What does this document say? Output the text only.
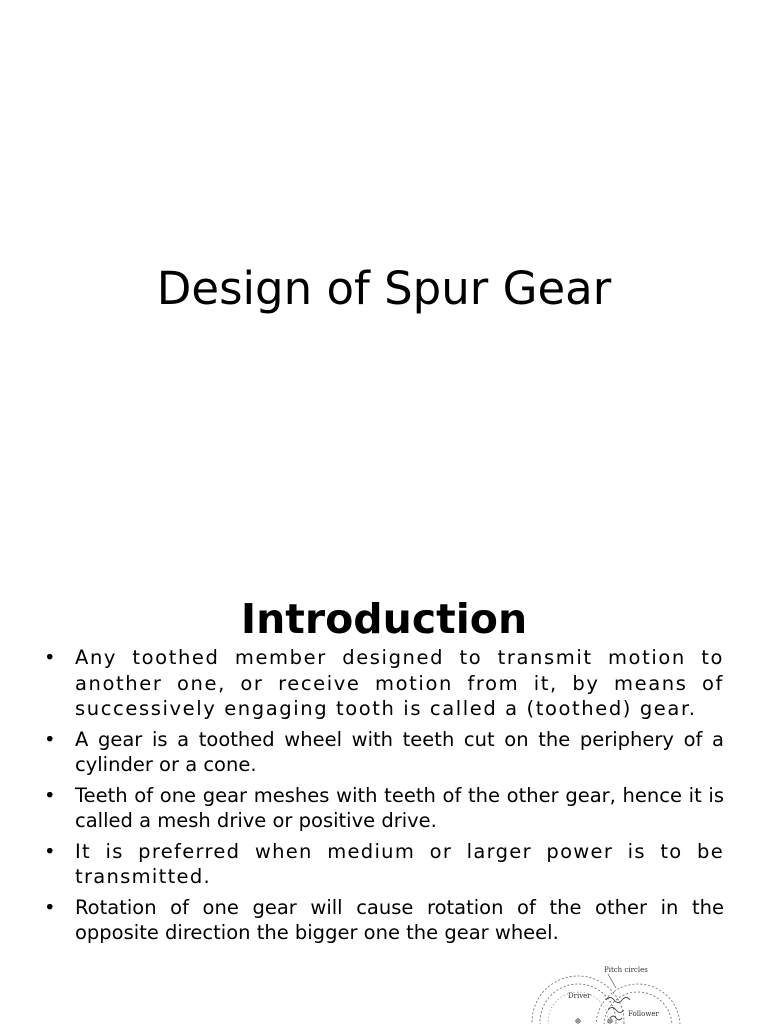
Design of Spur Gear
Introduction
• Any toothed member designed to transmit motion to another one, or receive motion from it, by means of successively engaging tooth is called a (toothed) gear.
• A gear is a toothed wheel with teeth cut on the periphery of a cylinder or a cone.
• Teeth of one gear meshes with teeth of the other gear, hence it is called a mesh drive or positive drive.
• It is preferred when medium or larger power is to be transmitted.
• Rotation of one gear will cause rotation of the other in the opposite direction the bigger one the gear wheel.
Pitch circles
Driver
Follower
